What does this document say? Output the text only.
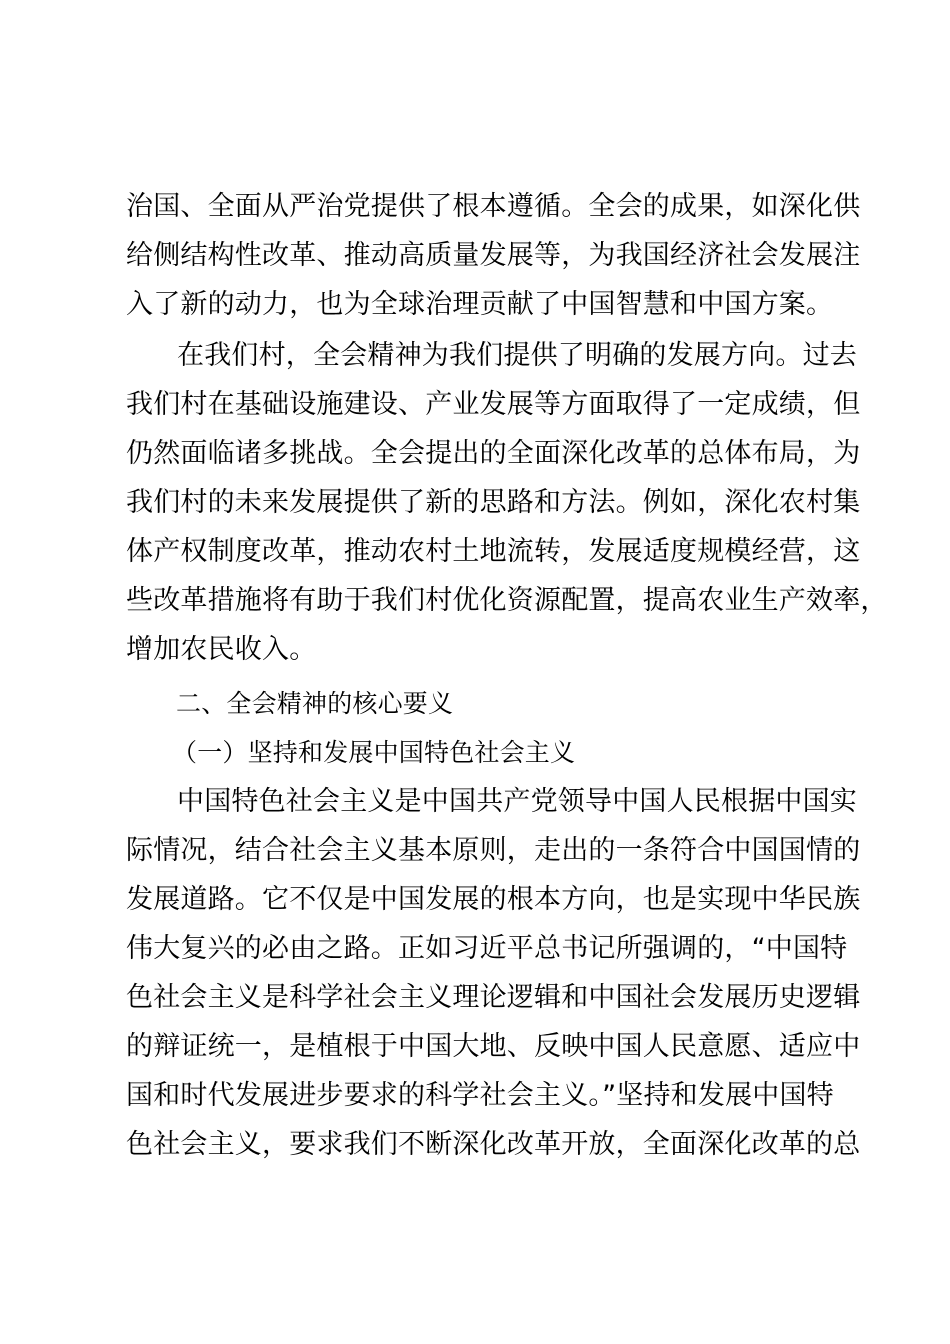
治国、全面从严治党提供了根本遵循。全会的成果，如深化供
给侧结构性改革、推动高质量发展等，为我国经济社会发展注
入了新的动力，也为全球治理贡献了中国智慧和中国方案。
在我们村，全会精神为我们提供了明确的发展方向。过去
我们村在基础设施建设、产业发展等方面取得了一定成绩，但
仍然面临诸多挑战。全会提出的全面深化改革的总体布局，为
我们村的未来发展提供了新的思路和方法。例如，深化农村集
体产权制度改革，推动农村土地流转，发展适度规模经营，这
些改革措施将有助于我们村优化资源配置，提高农业生产效率，
增加农民收入。
二、全会精神的核心要义
（一）坚持和发展中国特色社会主义
中国特色社会主义是中国共产党领导中国人民根据中国实
际情况，结合社会主义基本原则，走出的一条符合中国国情的
发展道路。它不仅是中国发展的根本方向，也是实现中华民族
伟大复兴的必由之路。正如习近平总书记所强调的，“中国特
色社会主义是科学社会主义理论逻辑和中国社会发展历史逻辑
的辩证统一，是植根于中国大地、反映中国人民意愿、适应中
国和时代发展进步要求的科学社会主义。”坚持和发展中国特
色社会主义，要求我们不断深化改革开放，全面深化改革的总
